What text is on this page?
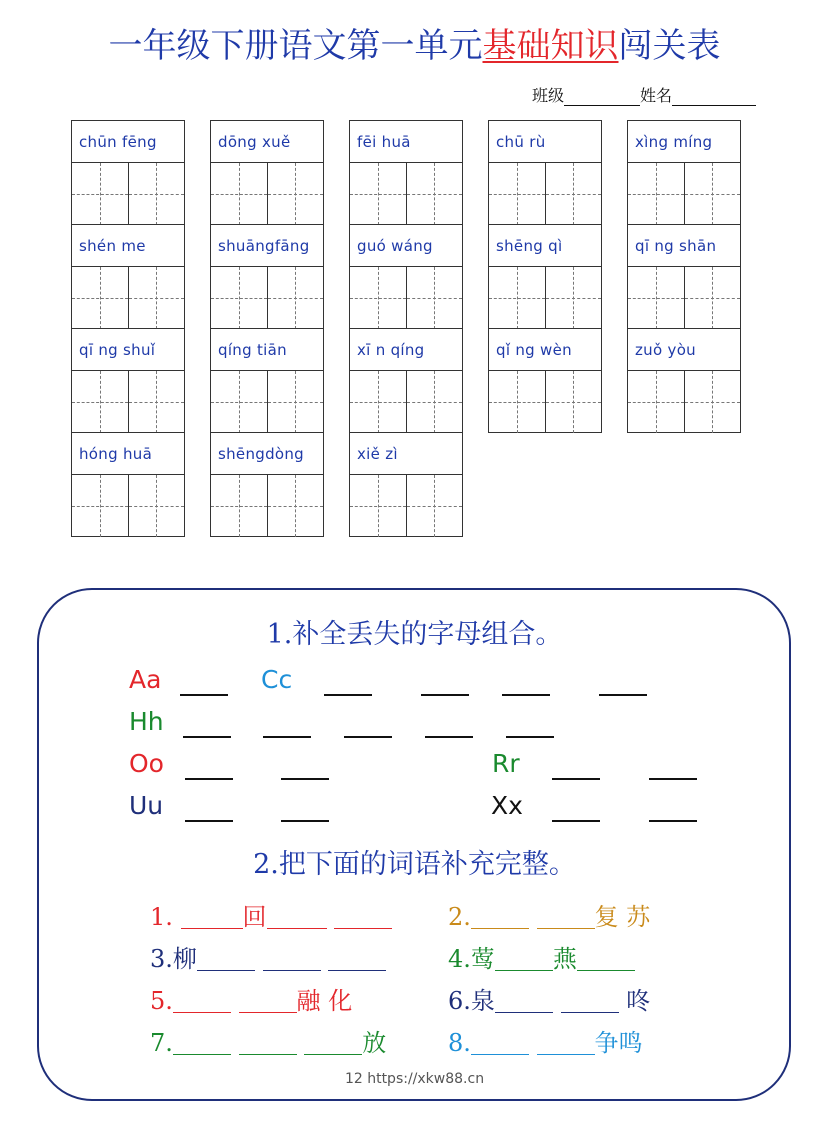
一年级下册语文第一单元基础知识闯关表
班级	姓名
chūn fēng
shén me
qī ng shuǐ
hóng huā
dōng xuě
shuāngfāng
qíng tiān
shēngdòng
fēi huā
guó wáng
xī n qíng
xiě zì
chū rù
shēng qì
qǐ ng wèn
xìng míng
qī ng shān
zuǒ yòu
1.补全丢失的字母组合。
Aa	Cc
Hh
Oo	Rr
Uu	Xx
2.把下面的词语补充完整。
1.	回	2.	复 苏
3.柳	4.莺 燕
5.	融 化	6.泉	咚
7.	放	8.	争鸣
12 https://xkw88.cn
